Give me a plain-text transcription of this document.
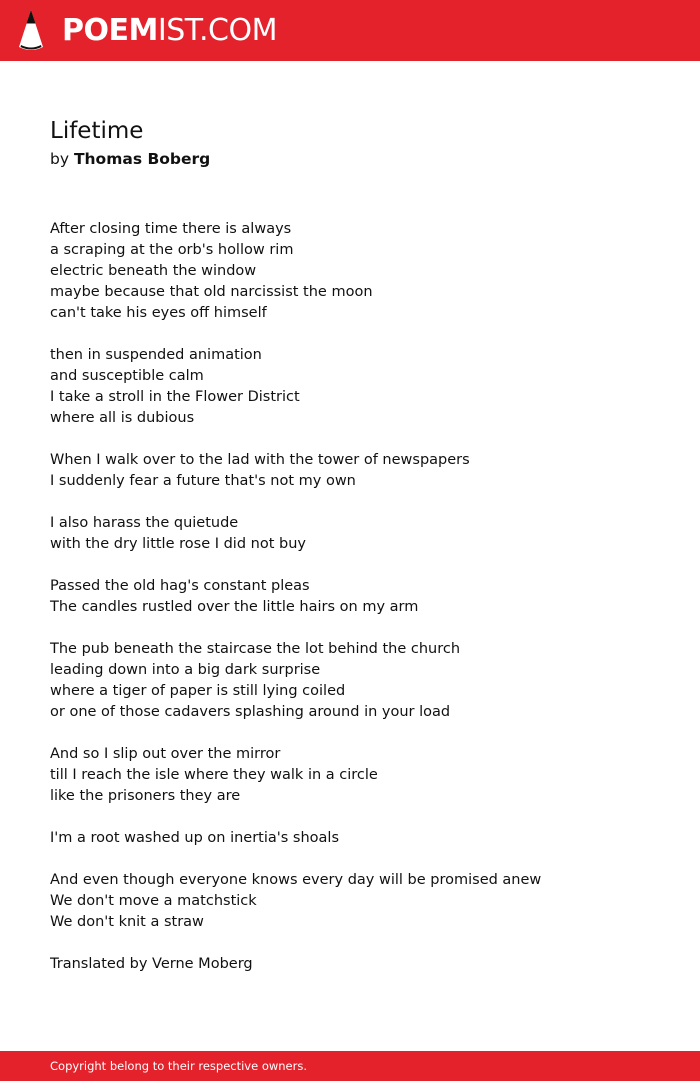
POEMIST.COM
Lifetime
by Thomas Boberg
After closing time there is always
a scraping at the orb's hollow rim
electric beneath the window
maybe because that old narcissist the moon
can't take his eyes off himself
then in suspended animation
and susceptible calm
I take a stroll in the Flower District
where all is dubious
When I walk over to the lad with the tower of newspapers
I suddenly fear a future that's not my own
I also harass the quietude
with the dry little rose I did not buy
Passed the old hag's constant pleas
The candles rustled over the little hairs on my arm
The pub beneath the staircase the lot behind the church
leading down into a big dark surprise
where a tiger of paper is still lying coiled
or one of those cadavers splashing around in your load
And so I slip out over the mirror
till I reach the isle where they walk in a circle
like the prisoners they are
I'm a root washed up on inertia's shoals
And even though everyone knows every day will be promised anew
We don't move a matchstick
We don't knit a straw
Translated by Verne Moberg
Copyright belong to their respective owners.
